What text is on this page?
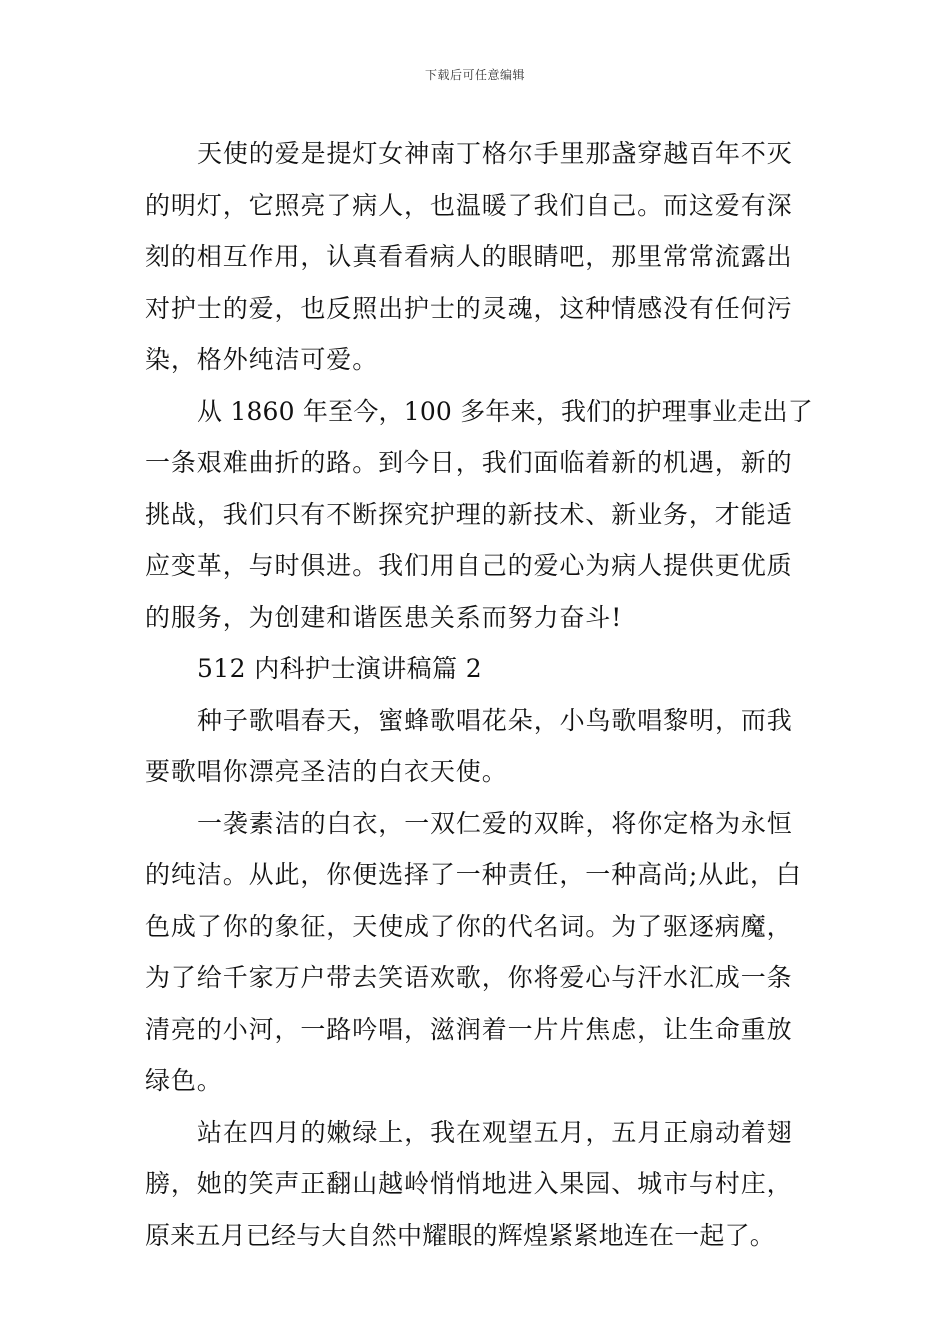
下载后可任意编辑
天使的爱是提灯女神南丁格尔手里那盏穿越百年不灭
的明灯，它照亮了病人，也温暖了我们自己。而这爱有深
刻的相互作用，认真看看病人的眼睛吧，那里常常流露出
对护士的爱，也反照出护士的灵魂，这种情感没有任何污
染，格外纯洁可爱。
从 1860 年至今，100 多年来，我们的护理事业走出了
一条艰难曲折的路。到今日，我们面临着新的机遇，新的
挑战，我们只有不断探究护理的新技术、新业务，才能适
应变革，与时俱进。我们用自己的爱心为病人提供更优质
的服务，为创建和谐医患关系而努力奋斗!
512 内科护士演讲稿篇 2
种子歌唱春天，蜜蜂歌唱花朵，小鸟歌唱黎明，而我
要歌唱你漂亮圣洁的白衣天使。
一袭素洁的白衣，一双仁爱的双眸，将你定格为永恒
的纯洁。从此，你便选择了一种责任，一种高尚;从此，白
色成了你的象征，天使成了你的代名词。为了驱逐病魔，
为了给千家万户带去笑语欢歌，你将爱心与汗水汇成一条
清亮的小河，一路吟唱，滋润着一片片焦虑，让生命重放
绿色。
站在四月的嫩绿上，我在观望五月，五月正扇动着翅
膀，她的笑声正翻山越岭悄悄地进入果园、城市与村庄，
原来五月已经与大自然中耀眼的辉煌紧紧地连在一起了。
